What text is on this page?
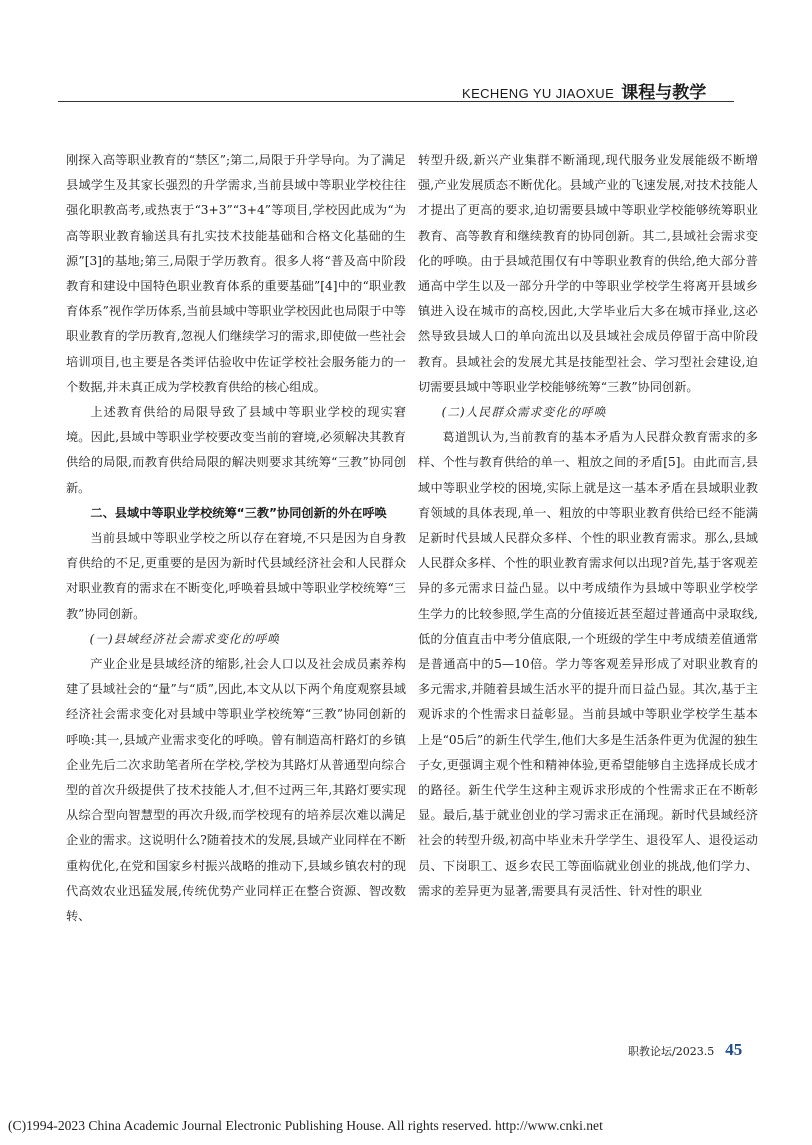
KECHENG YU JIAOXUE 课程与教学

刚探入高等职业教育的“禁区”;第二,局限于升学导向。为了满足县域学生及其家长强烈的升学需求,当前县域中等职业学校往往强化职教高考,或热衷于“3+3”“3+4”等项目,学校因此成为“为高等职业教育输送具有扎实技术技能基础和合格文化基础的生源”[3]的基地;第三,局限于学历教育。很多人将“普及高中阶段教育和建设中国特色职业教育体系的重要基础”[4]中的“职业教育体系”视作学历体系,当前县域中等职业学校因此也局限于中等职业教育的学历教育,忽视人们继续学习的需求,即使做一些社会培训项目,也主要是各类评估验收中佐证学校社会服务能力的一个数据,并未真正成为学校教育供给的核心组成。

上述教育供给的局限导致了县域中等职业学校的现实窘境。因此,县域中等职业学校要改变当前的窘境,必须解决其教育供给的局限,而教育供给局限的解决则要求其统筹“三教”协同创新。

二、县域中等职业学校统筹“三教”协同创新的外在呼唤

当前县域中等职业学校之所以存在窘境,不只是因为自身教育供给的不足,更重要的是因为新时代县域经济社会和人民群众对职业教育的需求在不断变化,呼唤着县域中等职业学校统筹“三教”协同创新。

(一)县域经济社会需求变化的呼唤

产业企业是县域经济的缩影,社会人口以及社会成员素养构建了县域社会的“量”与“质”,因此,本文从以下两个角度观察县域经济社会需求变化对县域中等职业学校统筹“三教”协同创新的呼唤:其一,县域产业需求变化的呼唤。曾有制造高杆路灯的乡镇企业先后二次求助笔者所在学校,学校为其路灯从普通型向综合型的首次升级提供了技术技能人才,但不过两三年,其路灯要实现从综合型向智慧型的再次升级,而学校现有的培养层次难以满足企业的需求。这说明什么?随着技术的发展,县域产业同样在不断重构优化,在党和国家乡村振兴战略的推动下,县域乡镇农村的现代高效农业迅猛发展,传统优势产业同样正在整合资源、智改数转、

转型升级,新兴产业集群不断涌现,现代服务业发展能级不断增强,产业发展质态不断优化。县域产业的飞速发展,对技术技能人才提出了更高的要求,迫切需要县域中等职业学校能够统筹职业教育、高等教育和继续教育的协同创新。其二,县域社会需求变化的呼唤。由于县域范围仅有中等职业教育的供给,绝大部分普通高中学生以及一部分升学的中等职业学校学生将离开县域乡镇进入设在城市的高校,因此,大学毕业后大多在城市择业,这必然导致县域人口的单向流出以及县域社会成员停留于高中阶段教育。县域社会的发展尤其是技能型社会、学习型社会建设,迫切需要县域中等职业学校能够统筹“三教”协同创新。

(二)人民群众需求变化的呼唤

葛道凯认为,当前教育的基本矛盾为人民群众教育需求的多样、个性与教育供给的单一、粗放之间的矛盾[5]。由此而言,县域中等职业学校的困境,实际上就是这一基本矛盾在县域职业教育领域的具体表现,单一、粗放的中等职业教育供给已经不能满足新时代县域人民群众多样、个性的职业教育需求。那么,县域人民群众多样、个性的职业教育需求何以出现?首先,基于客观差异的多元需求日益凸显。以中考成绩作为县域中等职业学校学生学力的比较参照,学生高的分值接近甚至超过普通高中录取线,低的分值直击中考分值底限,一个班级的学生中考成绩差值通常是普通高中的5—10倍。学力等客观差异形成了对职业教育的多元需求,并随着县域生活水平的提升而日益凸显。其次,基于主观诉求的个性需求日益彰显。当前县域中等职业学校学生基本上是“05后”的新生代学生,他们大多是生活条件更为优渥的独生子女,更强调主观个性和精神体验,更希望能够自主选择成长成才的路径。新生代学生这种主观诉求形成的个性需求正在不断彰显。最后,基于就业创业的学习需求正在涌现。新时代县域经济社会的转型升级,初高中毕业未升学学生、退役军人、退役运动员、下岗职工、返乡农民工等面临就业创业的挑战,他们学力、需求的差异更为显著,需要具有灵活性、针对性的职业

职教论坛/2023.5 45
(C)1994-2023 China Academic Journal Electronic Publishing House. All rights reserved. http://www.cnki.net
